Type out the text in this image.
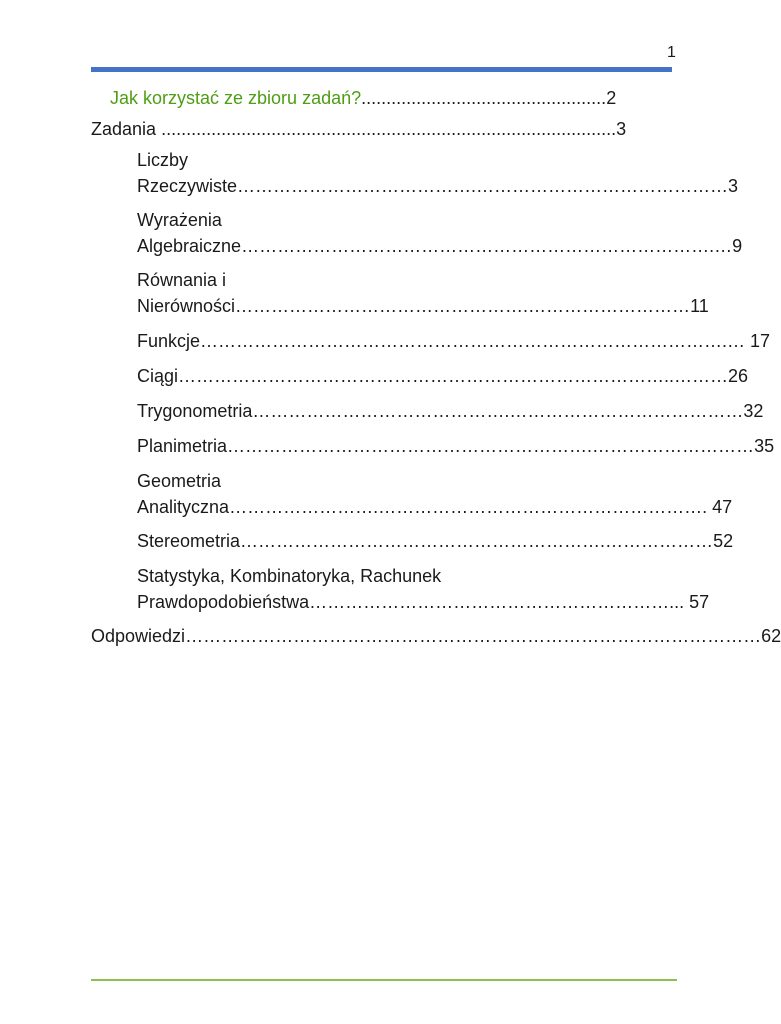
1
Jak korzystać ze zbioru zadań?.................................................2
Zadania ...........................................................................................3
Liczby
Rzeczywiste………………………………….……………………………………3
Wyrażenia
Algebraiczne…………………………………………………………………….…9
Równania i
Nierówności………………………………………….………………………11
Funkcje…………………………………………………………………………….… 17
Ciągi………………………………………………………………………..………26
Trygonometria…………………………………….…………………………………32
Planimetria…………………………………………………….………………………35
Geometria
Analityczna…………………….………………………………………………. 47
Stereometria…………………………………………………….………………52
Statystyka, Kombinatoryka, Rachunek
Prawdopodobieństwa……………………………………………………... 57
Odpowiedzi……………………………………………………………………………………62
